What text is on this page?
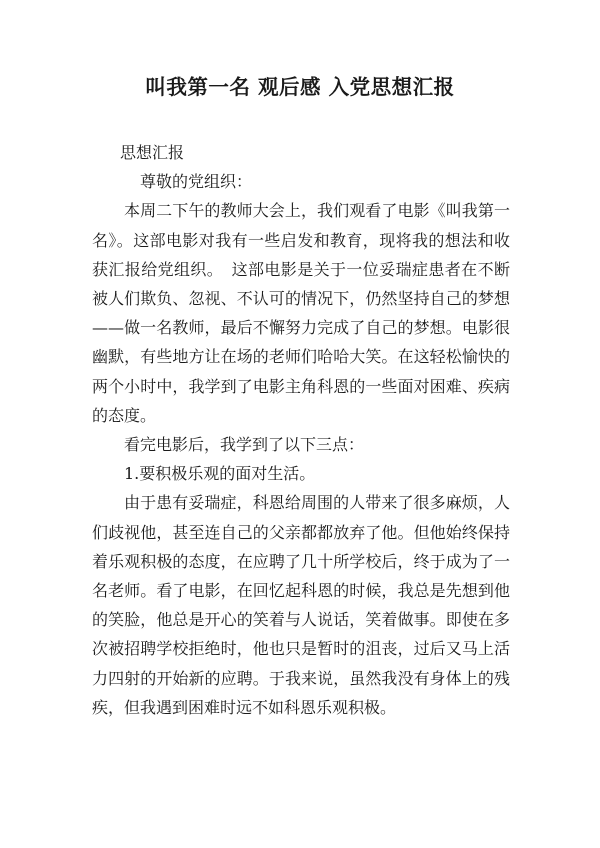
叫我第一名 观后感 入党思想汇报

思想汇报

尊敬的党组织：

本周二下午的教师大会上，我们观看了电影《叫我第一名》。这部电影对我有一些启发和教育，现将我的想法和收获汇报给党组织。　这部电影是关于一位妥瑞症患者在不断被人们欺负、忽视、不认可的情况下，仍然坚持自己的梦想——做一名教师，最后不懈努力完成了自己的梦想。电影很幽默，有些地方让在场的老师们哈哈大笑。在这轻松愉快的两个小时中，我学到了电影主角科恩的一些面对困难、疾病的态度。

看完电影后，我学到了以下三点：

1.要积极乐观的面对生活。

由于患有妥瑞症，科恩给周围的人带来了很多麻烦，人们歧视他，甚至连自己的父亲都都放弃了他。但他始终保持着乐观积极的态度，在应聘了几十所学校后，终于成为了一名老师。看了电影，在回忆起科恩的时候，我总是先想到他的笑脸，他总是开心的笑着与人说话，笑着做事。即使在多次被招聘学校拒绝时，他也只是暂时的沮丧，过后又马上活力四射的开始新的应聘。于我来说，虽然我没有身体上的残疾，但我遇到困难时远不如科恩乐观积极。
